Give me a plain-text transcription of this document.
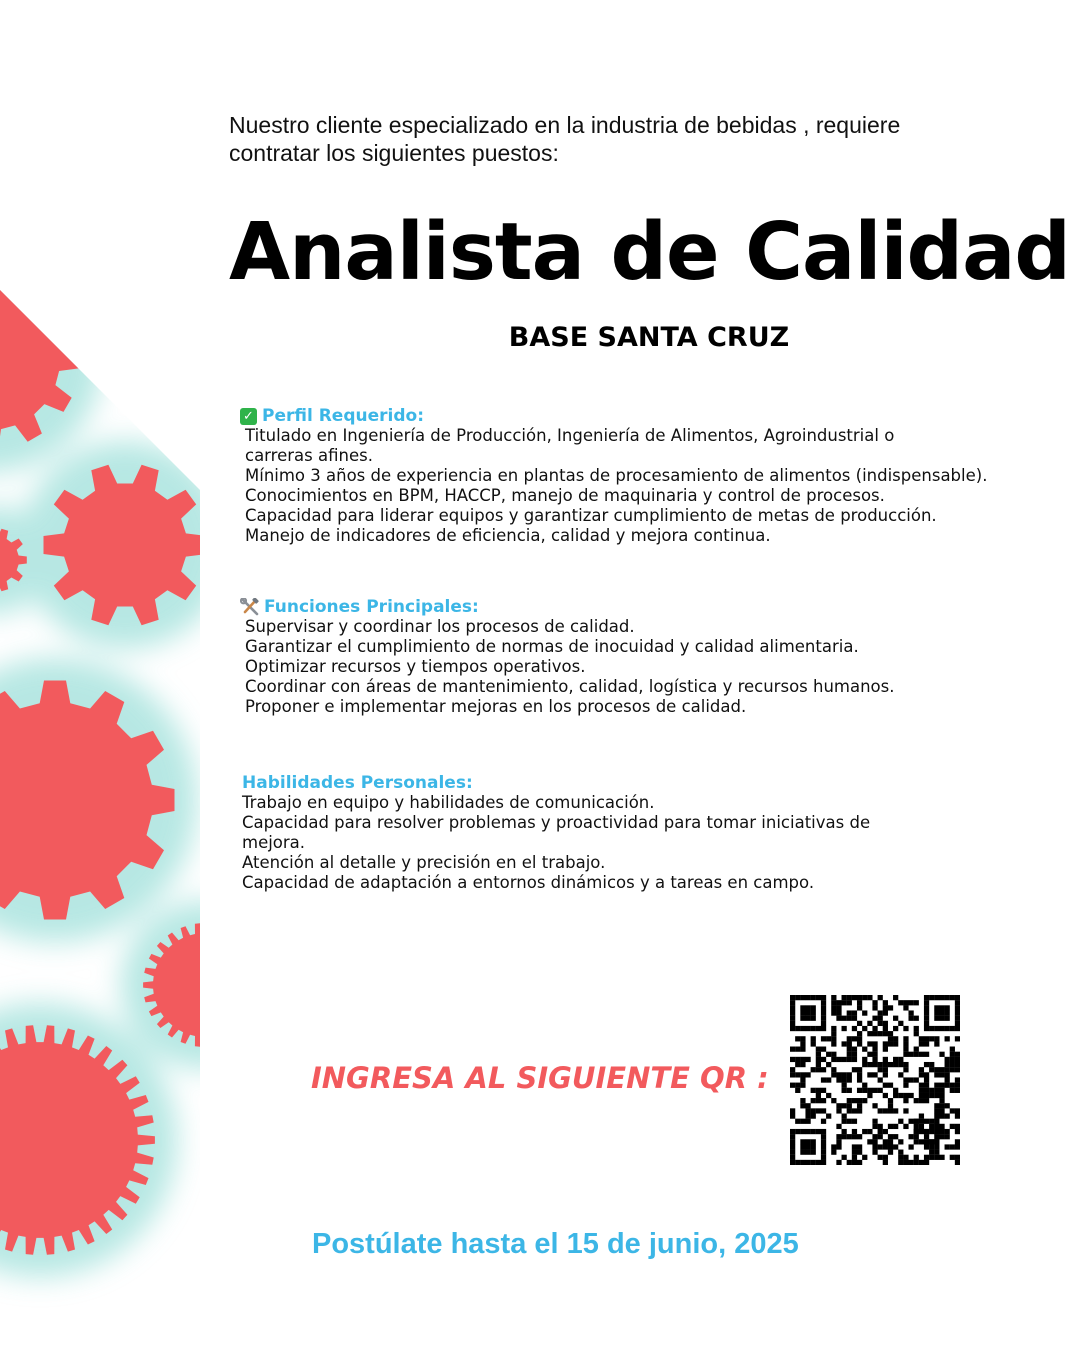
Nuestro cliente especializado en la industria de bebidas , requiere
contratar los siguientes puestos:
Analista de Calidad
BASE SANTA CRUZ
✓ Perfil Requerido:
Titulado en Ingeniería de Producción, Ingeniería de Alimentos, Agroindustrial o
carreras afines.
Mínimo 3 años de experiencia en plantas de procesamiento de alimentos (indispensable).
Conocimientos en BPM, HACCP, manejo de maquinaria y control de procesos.
Capacidad para liderar equipos y garantizar cumplimiento de metas de producción.
Manejo de indicadores de eficiencia, calidad y mejora continua.
Funciones Principales:
Supervisar y coordinar los procesos de calidad.
Garantizar el cumplimiento de normas de inocuidad y calidad alimentaria.
Optimizar recursos y tiempos operativos.
Coordinar con áreas de mantenimiento, calidad, logística y recursos humanos.
Proponer e implementar mejoras en los procesos de calidad.
Habilidades Personales:
Trabajo en equipo y habilidades de comunicación.
Capacidad para resolver problemas y proactividad para tomar iniciativas de
mejora.
Atención al detalle y precisión en el trabajo.
Capacidad de adaptación a entornos dinámicos y a tareas en campo.
INGRESA AL SIGUIENTE QR :
Postúlate hasta el 15 de junio, 2025
